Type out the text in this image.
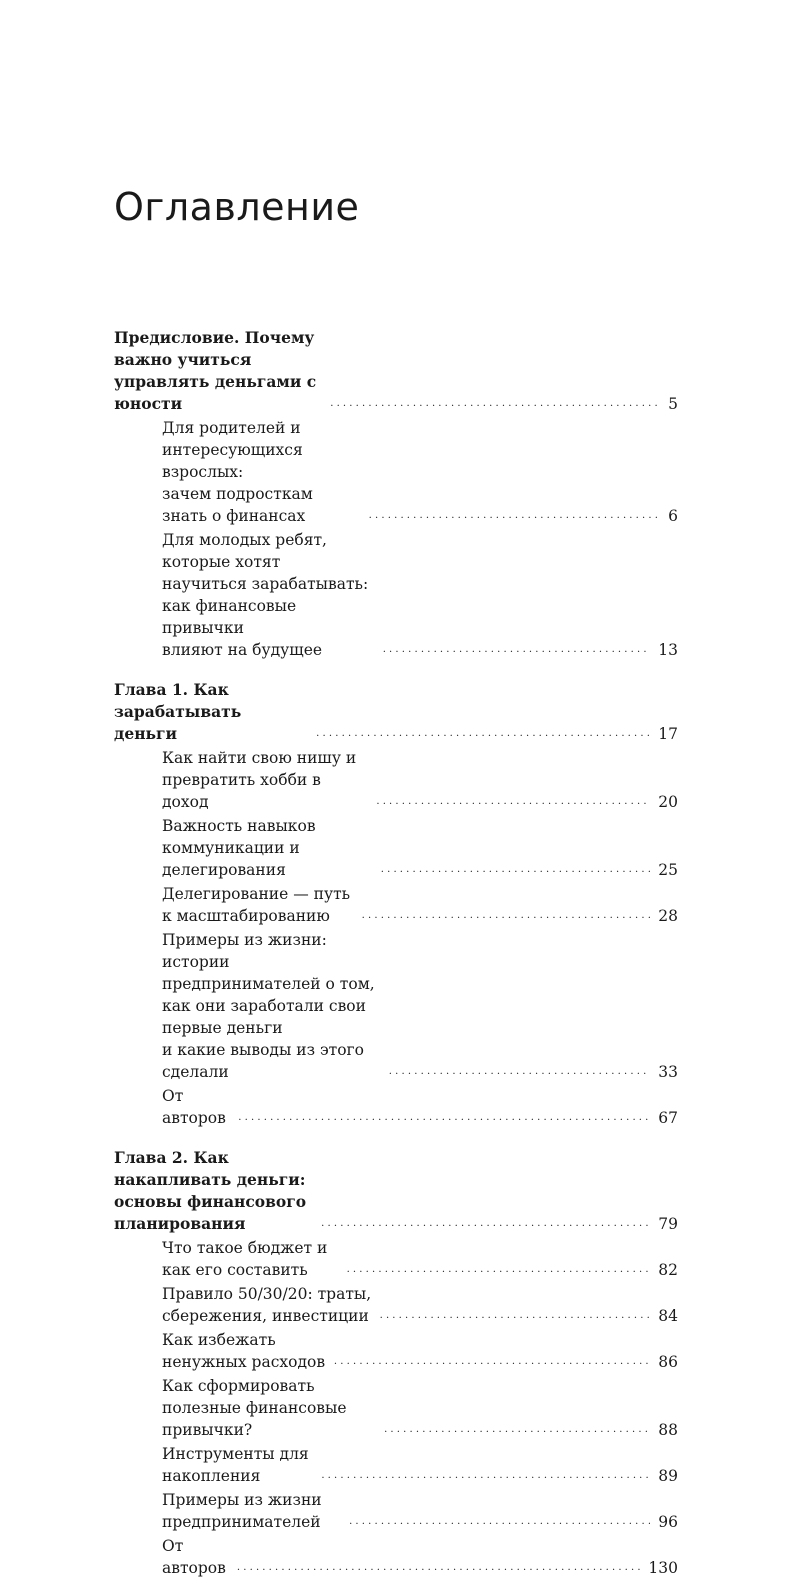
Оглавление
Предисловие. Почему важно учиться
управлять деньгами с юности . . .	5
Для родителей и интересующихся взрослых:
зачем подросткам знать о финансах . . .	6
Для молодых ребят, которые хотят
научиться зарабатывать: как финансовые привычки
влияют на будущее . . .	13
Глава 1. Как зарабатывать деньги . . .	17
Как найти свою нишу и превратить хобби в доход . . .	20
Важность навыков коммуникации и делегирования . . .	25
Делегирование — путь к масштабированию . . .	28
Примеры из жизни: истории предпринимателей о том,
как они заработали свои первые деньги
и какие выводы из этого сделали . . .	33
От авторов . . .	67
Глава 2. Как накапливать деньги:
основы финансового планирования . . .	79
Что такое бюджет и как его составить . . .	82
Правило 50/30/20: траты, сбережения, инвестиции . . .	84
Как избежать ненужных расходов . . .	86
Как сформировать полезные финансовые привычки? . . .	88
Инструменты для накопления . . .	89
Примеры из жизни предпринимателей . . .	96
От авторов . . .	130
